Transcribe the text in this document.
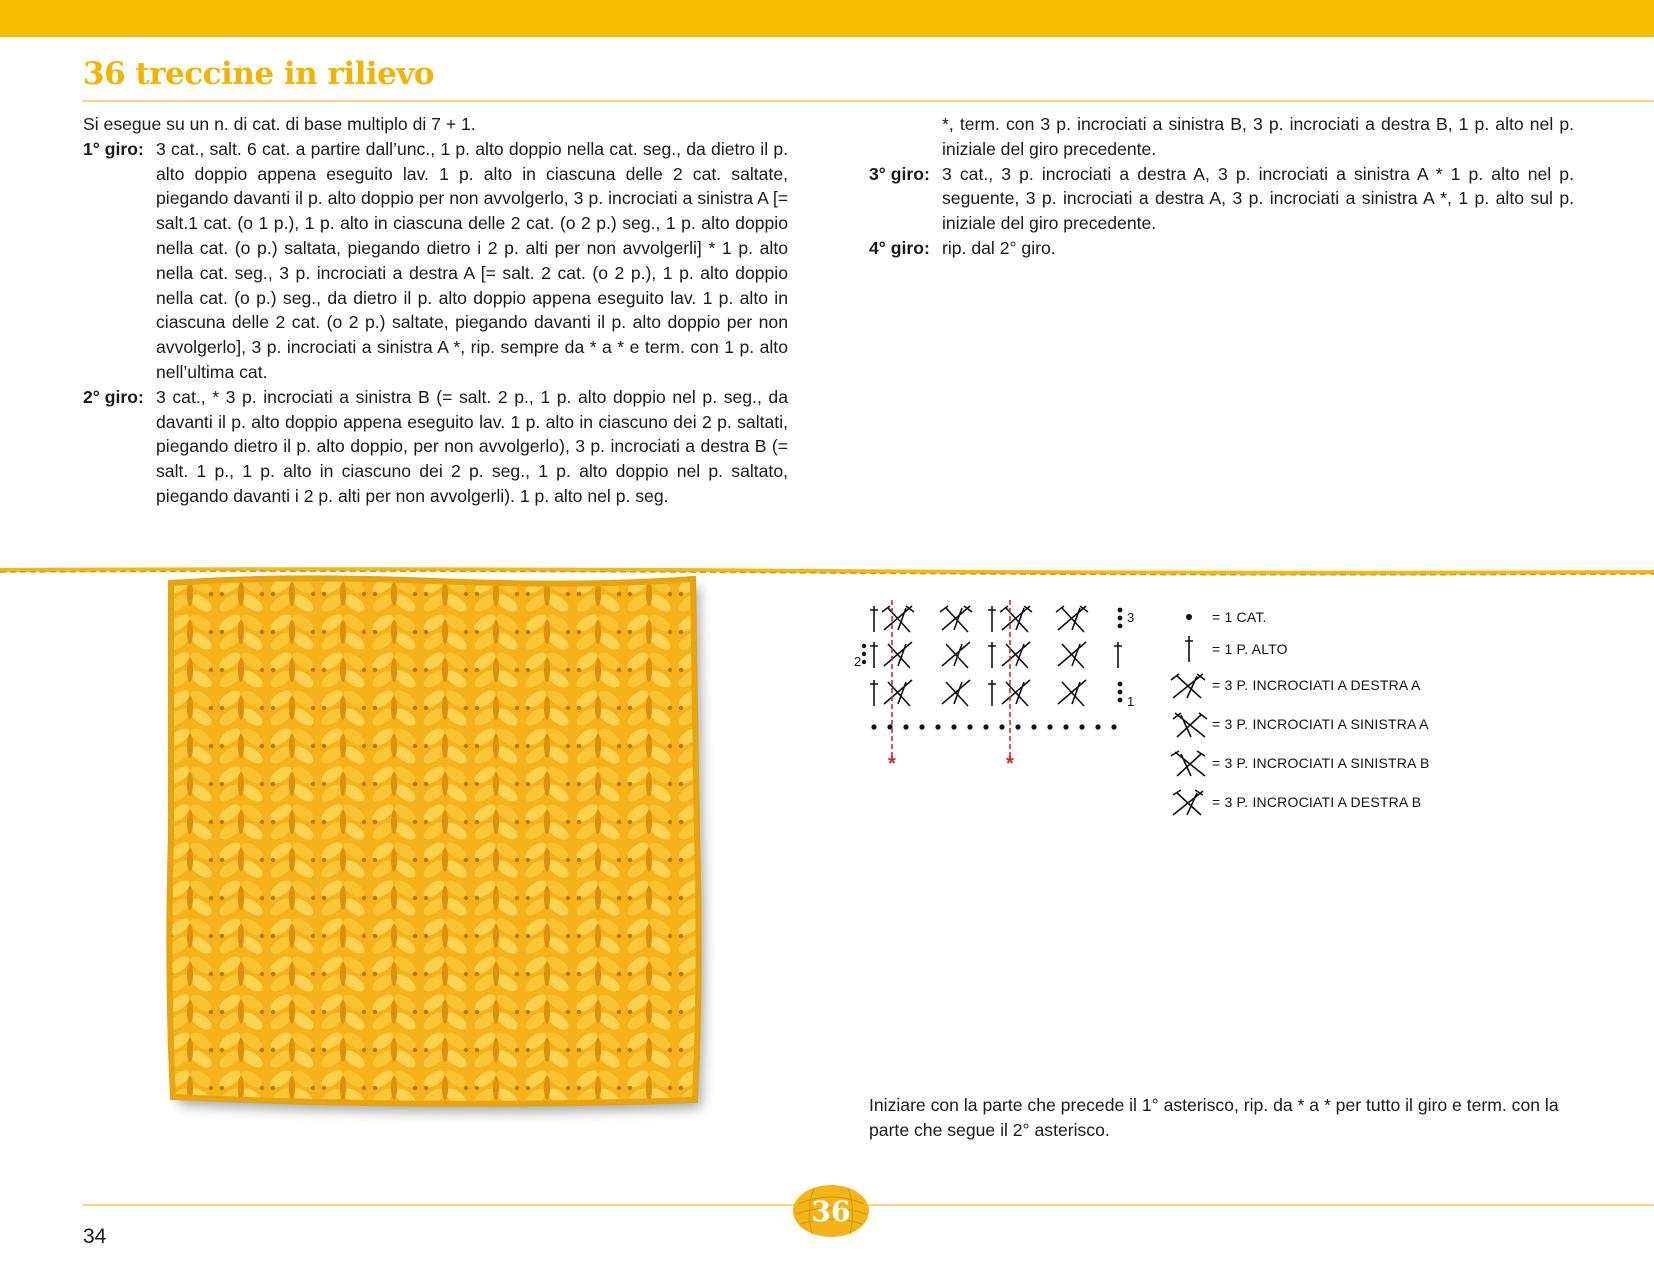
36 treccine in rilievo

Si esegue su un n. di cat. di base multiplo di 7 + 1.

1° giro: 3 cat., salt. 6 cat. a partire dall’unc., 1 p. alto doppio nella cat. seg., da dietro il p. alto doppio appena eseguito lav. 1 p. alto in ciascuna delle 2 cat. saltate, piegando davanti il p. alto doppio per non avvolgerlo, 3 p. incrociati a sinistra A [= salt.1 cat. (o 1 p.), 1 p. alto in ciascuna delle 2 cat. (o 2 p.) seg., 1 p. alto doppio nella cat. (o p.) saltata, piegando dietro i 2 p. alti per non avvolgerli] * 1 p. alto nella cat. seg., 3 p. incrociati a destra A [= salt. 2 cat. (o 2 p.), 1 p. alto doppio nella cat. (o p.) seg., da dietro il p. alto doppio appena eseguito lav. 1 p. alto in ciascuna delle 2 cat. (o 2 p.) saltate, piegando davanti il p. alto doppio per non avvolgerlo], 3 p. incrociati a sinistra A *, rip. sempre da * a * e term. con 1 p. alto nell’ultima cat.
2° giro: 3 cat., * 3 p. incrociati a sinistra B (= salt. 2 p., 1 p. alto doppio nel p. seg., da davanti il p. alto doppio appena eseguito lav. 1 p. alto in ciascuno dei 2 p. saltati, piegando dietro il p. alto doppio, per non avvolgerlo), 3 p. incrociati a destra B (= salt. 1 p., 1 p. alto in ciascuno dei 2 p. seg., 1 p. alto doppio nel p. saltato, piegando davanti i 2 p. alti per non avvolgerli). 1 p. alto nel p. seg.
*, term. con 3 p. incrociati a sinistra B, 3 p. incrociati a destra B, 1 p. alto nel p. iniziale del giro precedente.
3° giro: 3 cat., 3 p. incrociati a destra A, 3 p. incrociati a sinistra A * 1 p. alto nel p. seguente, 3 p. incrociati a destra A, 3 p. incrociati a sinistra A *, 1 p. alto sul p. iniziale del giro precedente.
4° giro: rip. dal 2° giro.
*	*
3
2
1
= 1 CAT.
= 1 P. ALTO
= 3 P. INCROCIATI A DESTRA A
= 3 P. INCROCIATI A SINISTRA A
= 3 P. INCROCIATI A SINISTRA B
= 3 P. INCROCIATI A DESTRA B
Iniziare con la parte che precede il 1° asterisco, rip. da * a * per tutto il giro e term. con la parte che segue il 2° asterisco.
36
34
